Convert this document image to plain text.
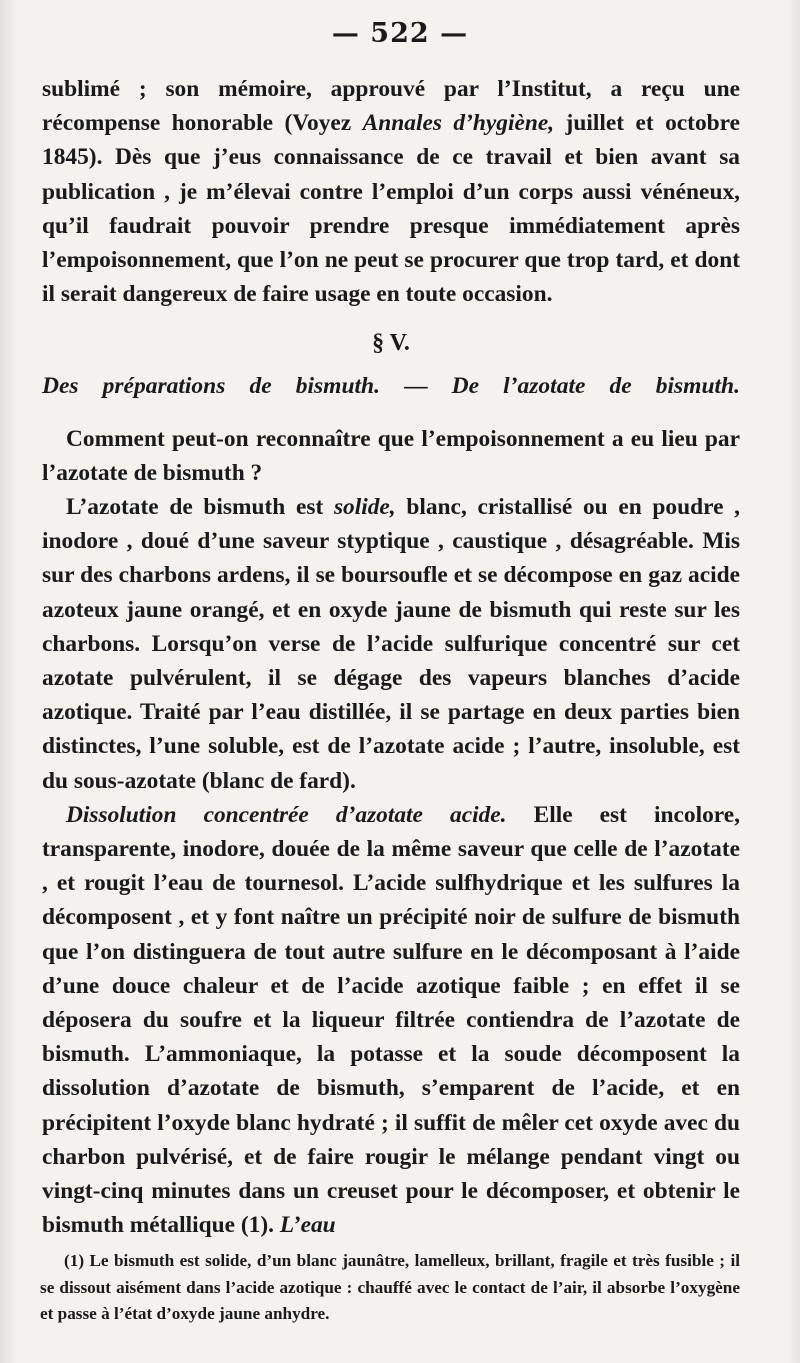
— 522 —

sublimé ; son mémoire, approuvé par l’Institut, a reçu une récompense honorable (Voyez Annales d’hygiène, juillet et octobre 1845). Dès que j’eus connaissance de ce travail et bien avant sa publication , je m’élevai contre l’emploi d’un corps aussi vénéneux, qu’il faudrait pouvoir prendre presque immédiatement après l’empoisonnement, que l’on ne peut se procurer que trop tard, et dont il serait dangereux de faire usage en toute occasion.

§ V.
Des préparations de bismuth. — De l’azotate de bismuth.

Comment peut-on reconnaître que l’empoisonnement a eu lieu par l’azotate de bismuth ?

L’azotate de bismuth est solide, blanc, cristallisé ou en poudre , inodore , doué d’une saveur styptique , caustique , désagréable. Mis sur des charbons ardens, il se boursoufle et se décompose en gaz acide azoteux jaune orangé, et en oxyde jaune de bismuth qui reste sur les charbons. Lorsqu’on verse de l’acide sulfurique concentré sur cet azotate pulvérulent, il se dégage des vapeurs blanches d’acide azotique. Traité par l’eau distillée, il se partage en deux parties bien distinctes, l’une soluble, est de l’azotate acide ; l’autre, insoluble, est du sous-azotate (blanc de fard).

Dissolution concentrée d’azotate acide. Elle est incolore, transparente, inodore, douée de la même saveur que celle de l’azotate , et rougit l’eau de tournesol. L’acide sulfhydrique et les sulfures la décomposent , et y font naître un précipité noir de sulfure de bismuth que l’on distinguera de tout autre sulfure en le décomposant à l’aide d’une douce chaleur et de l’acide azotique faible ; en effet il se déposera du soufre et la liqueur filtrée contiendra de l’azotate de bismuth. L’ammoniaque, la potasse et la soude décomposent la dissolution d’azotate de bismuth, s’emparent de l’acide, et en précipitent l’oxyde blanc hydraté ; il suffit de mêler cet oxyde avec du charbon pulvérisé, et de faire rougir le mélange pendant vingt ou vingt-cinq minutes dans un creuset pour le décomposer, et obtenir le bismuth métallique (1). L’eau

(1) Le bismuth est solide, d’un blanc jaunâtre, lamelleux, brillant, fragile et très fusible ; il se dissout aisément dans l’acide azotique : chauffé avec le contact de l’air, il absorbe l’oxygène et passe à l’état d’oxyde jaune anhydre.
